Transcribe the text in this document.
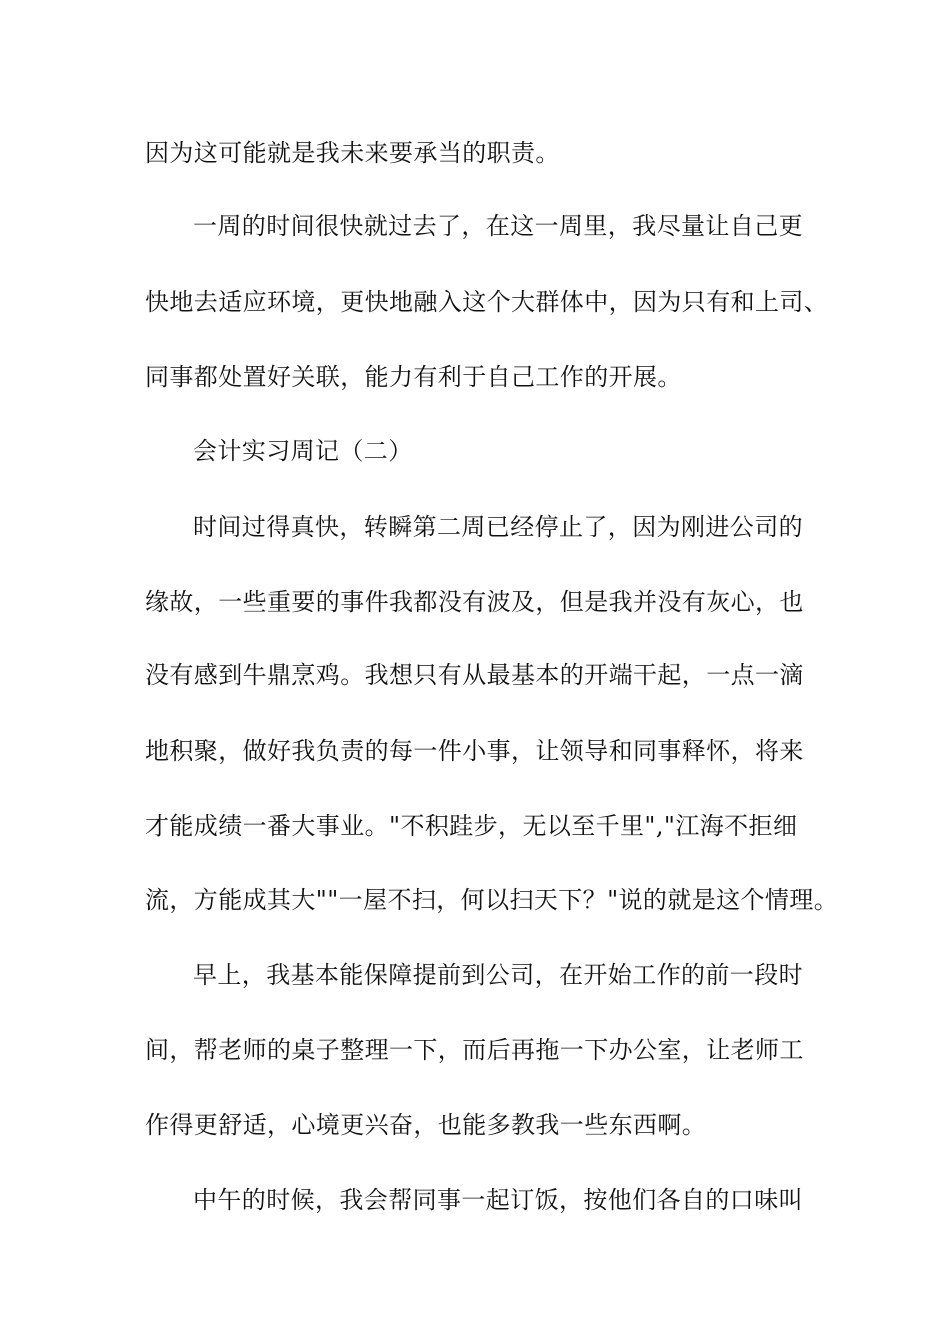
因为这可能就是我未来要承当的职责。
一周的时间很快就过去了，在这一周里，我尽量让自己更
快地去适应环境，更快地融入这个大群体中，因为只有和上司、
同事都处置好关联，能力有利于自己工作的开展。
会计实习周记（二）
时间过得真快，转瞬第二周已经停止了，因为刚进公司的
缘故，一些重要的事件我都没有波及，但是我并没有灰心，也
没有感到牛鼎烹鸡。我想只有从最基本的开端干起，一点一滴
地积聚，做好我负责的每一件小事，让领导和同事释怀，将来
才能成绩一番大事业。"不积跬步，无以至千里","江海不拒细
流，方能成其大""一屋不扫，何以扫天下？"说的就是这个情理。
早上，我基本能保障提前到公司，在开始工作的前一段时
间，帮老师的桌子整理一下，而后再拖一下办公室，让老师工
作得更舒适，心境更兴奋，也能多教我一些东西啊。
中午的时候，我会帮同事一起订饭，按他们各自的口味叫
